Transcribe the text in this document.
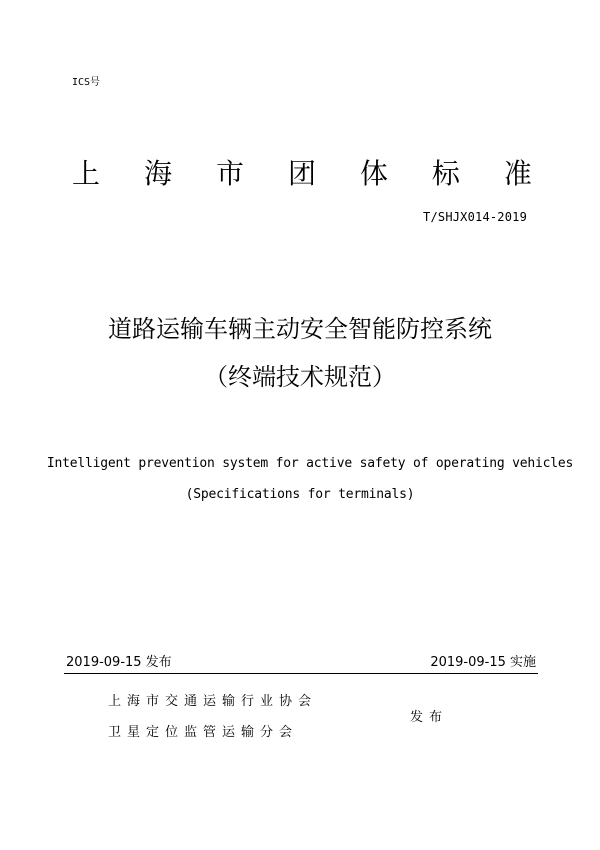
ICS号
上 海 市 团 体 标 准
T/SHJX014-2019
道路运输车辆主动安全智能防控系统
（终端技术规范）
Intelligent prevention system for active safety of operating vehicles
(Specifications for terminals)
2019-09-15 发布	2019-09-15 实施
上海市交通运输行业协会
卫星定位监管运输分会
发布
